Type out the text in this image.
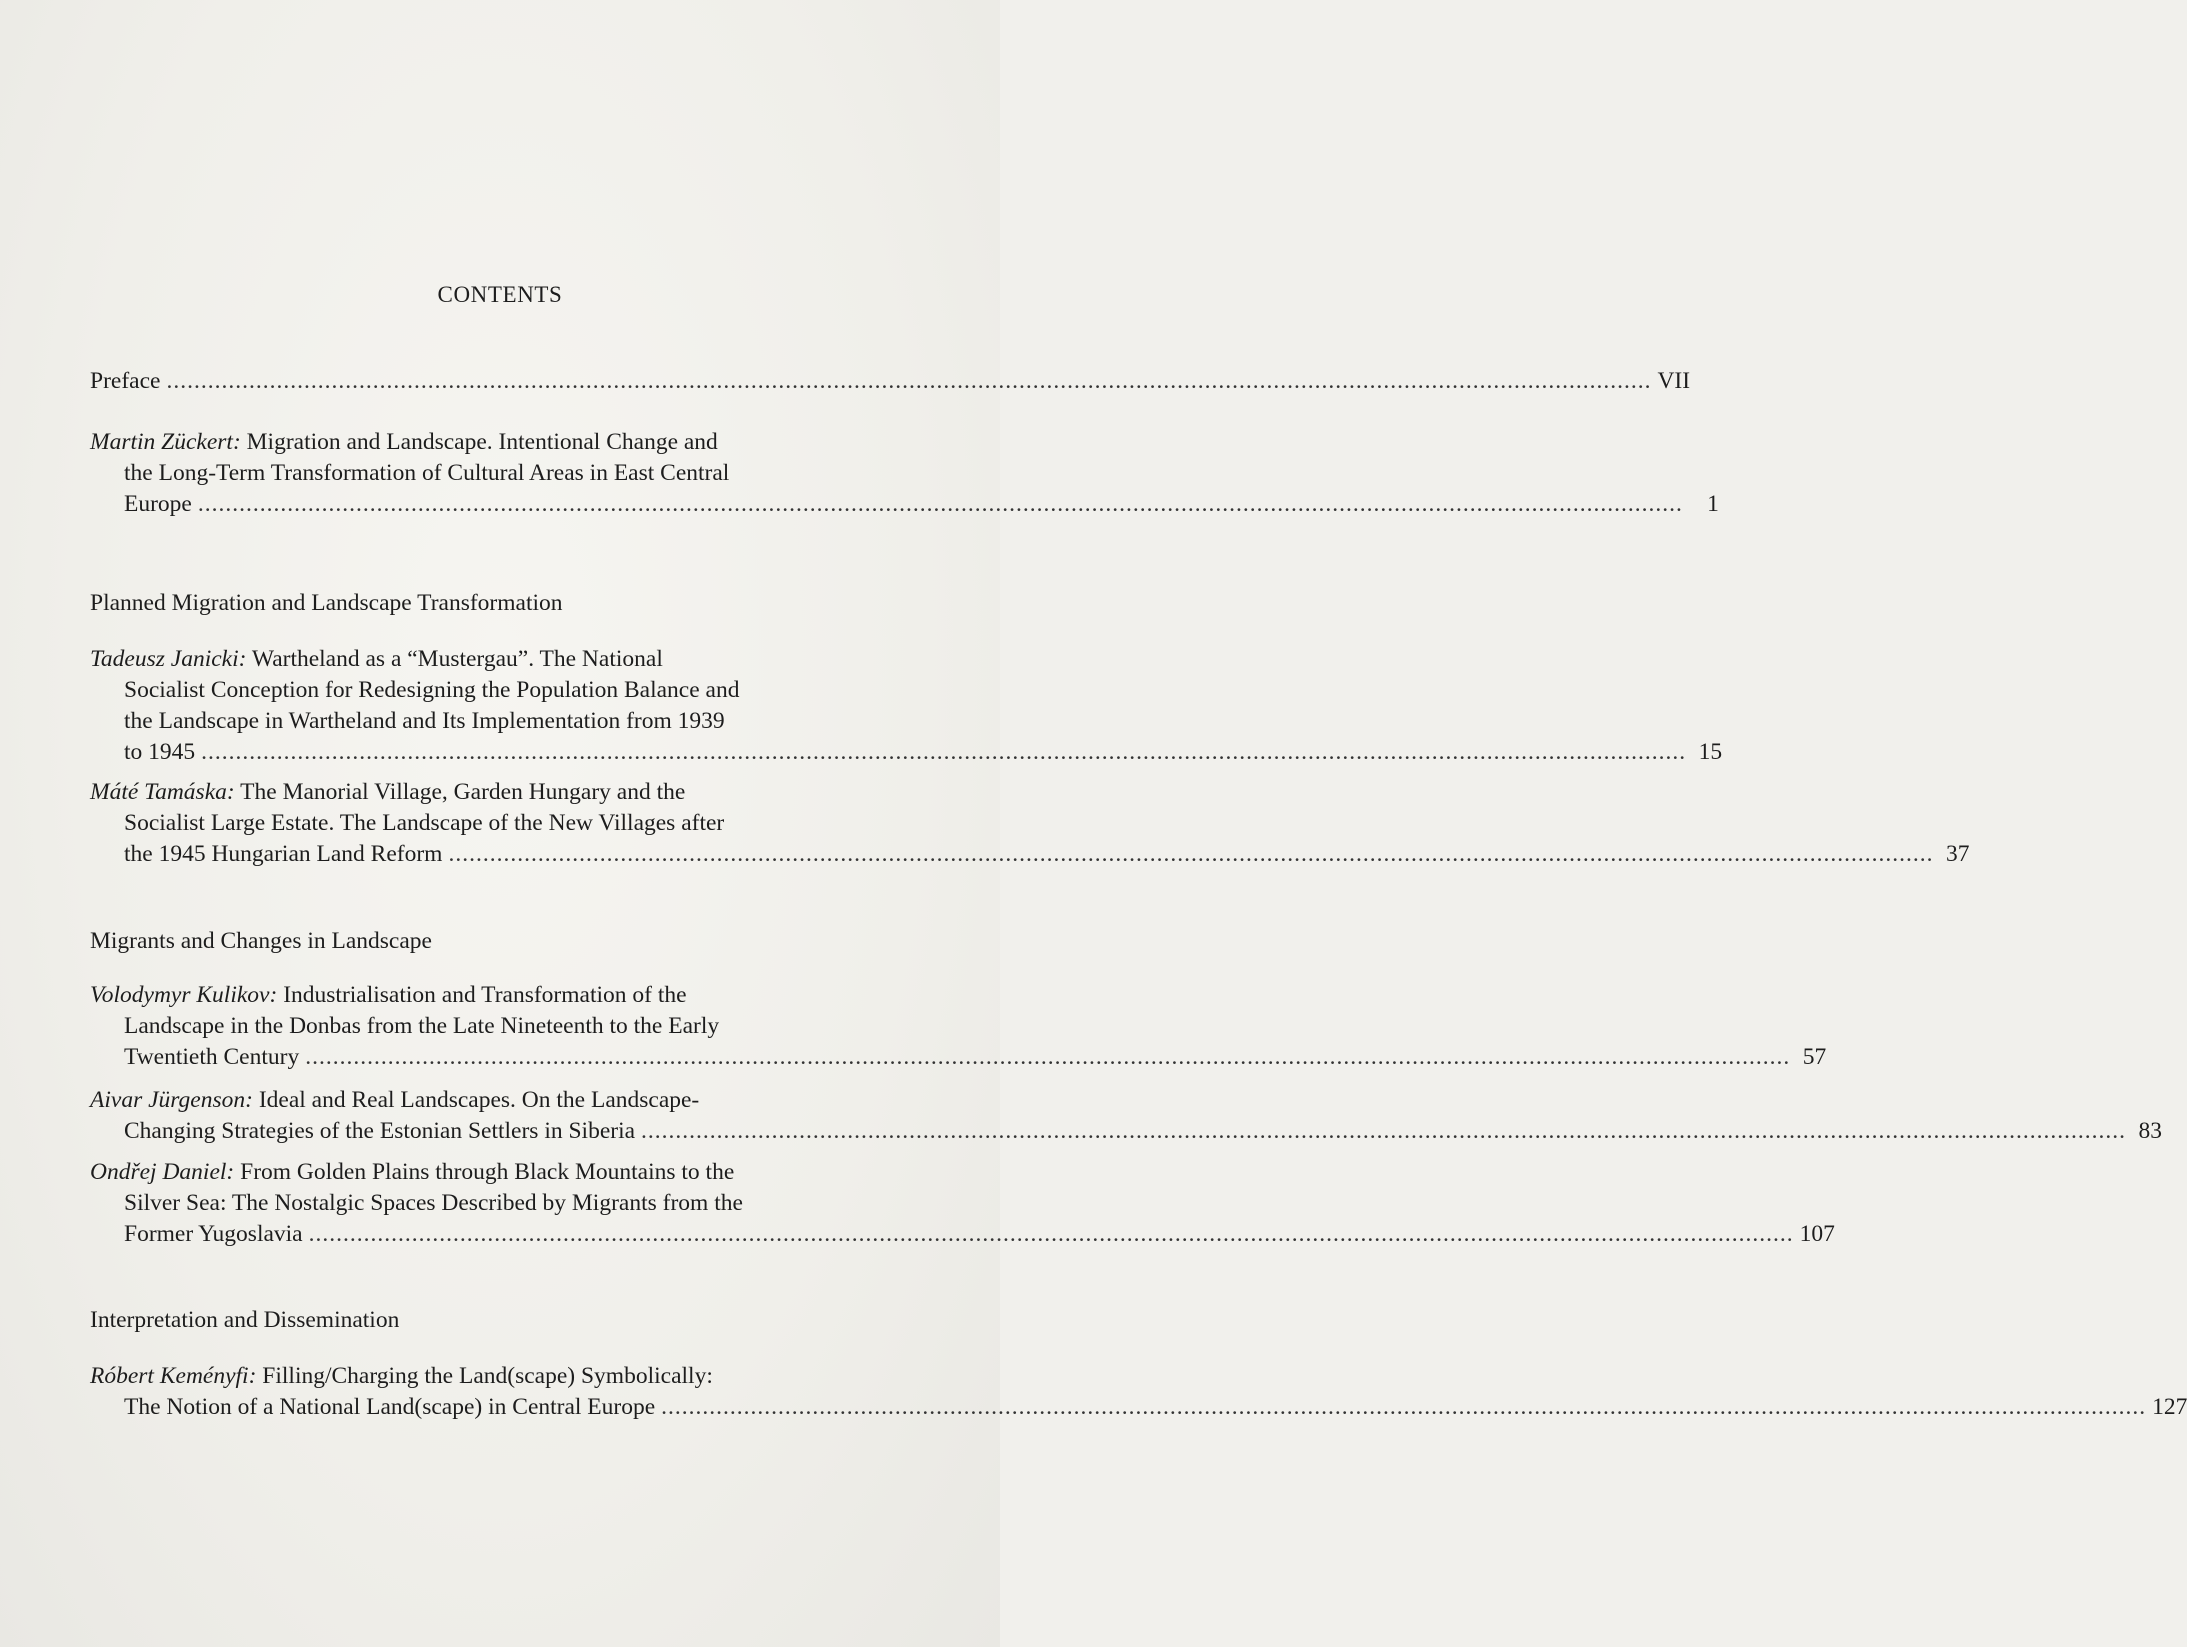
CONTENTS
Preface ........................................................................................................................................................................................................................ VII
Martin Zückert: Migration and Landscape. Intentional Change and
the Long-Term Transformation of Cultural Areas in East Central
Europe ........................................................................................................................................................................................................................	1
Planned Migration and Landscape Transformation
Tadeusz Janicki: Wartheland as a “Mustergau”. The National
Socialist Conception for Redesigning the Population Balance and
the Landscape in Wartheland and Its Implementation from 1939
to 1945 ........................................................................................................................................................................................................................ 15
Máté Tamáska: The Manorial Village, Garden Hungary and the
Socialist Large Estate. The Landscape of the New Villages after
the 1945 Hungarian Land Reform ........................................................................................................................................................................................................................ 37
Migrants and Changes in Landscape
Volodymyr Kulikov: Industrialisation and Transformation of the
Landscape in the Donbas from the Late Nineteenth to the Early
Twentieth Century ........................................................................................................................................................................................................................ 57
Aivar Jürgenson: Ideal and Real Landscapes. On the Landscape-
Changing Strategies of the Estonian Settlers in Siberia ........................................................................................................................................................................................................................ 83
Ondřej Daniel: From Golden Plains through Black Mountains to the
Silver Sea: The Nostalgic Spaces Described by Migrants from the
Former Yugoslavia ........................................................................................................................................................................................................................ 107
Interpretation and Dissemination
Róbert Keményfi: Filling/Charging the Land(scape) Symbolically:
The Notion of a National Land(scape) in Central Europe ........................................................................................................................................................................................................................ 127
